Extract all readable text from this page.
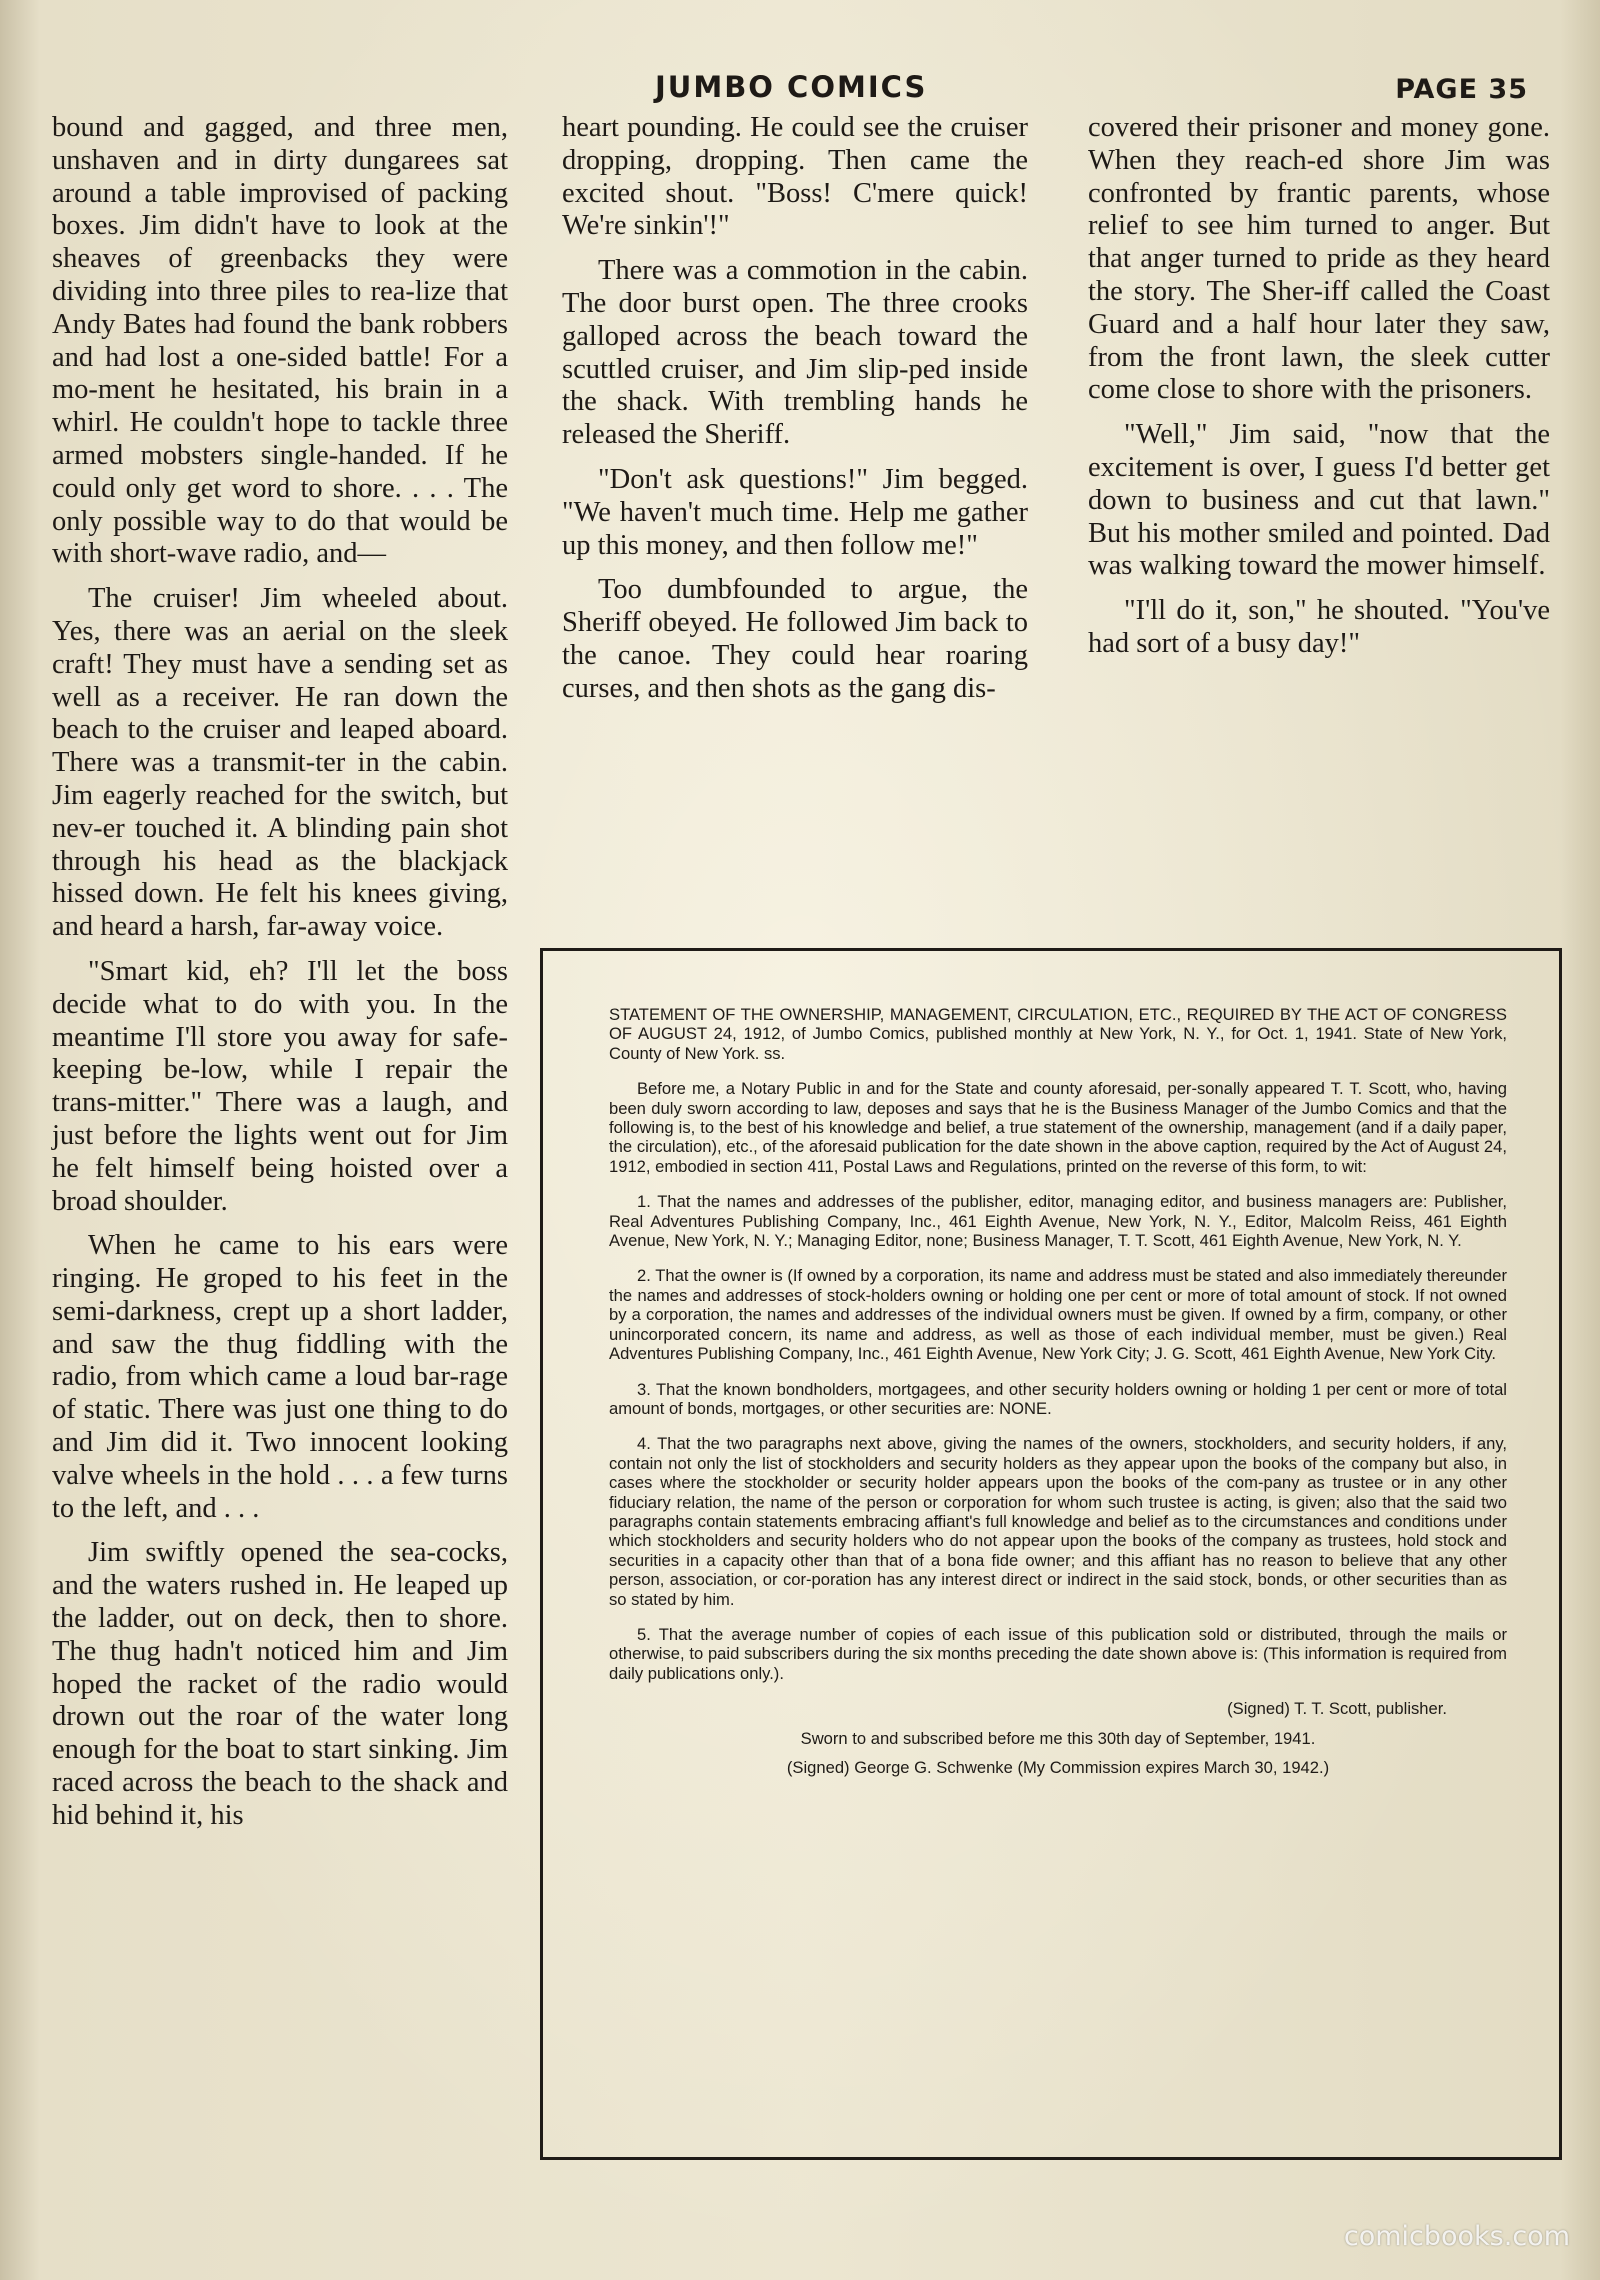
JUMBO COMICS	PAGE 35

bound and gagged, and three men, unshaven and in dirty dungarees sat around a table improvised of packing boxes. Jim didn't have to look at the sheaves of greenbacks they were dividing into three piles to rea-lize that Andy Bates had found the bank robbers and had lost a one-sided battle! For a mo-ment he hesitated, his brain in a whirl. He couldn't hope to tackle three armed mobsters single-handed. If he could only get word to shore. . . . The only possible way to do that would be with short-wave radio, and—

The cruiser! Jim wheeled about. Yes, there was an aerial on the sleek craft! They must have a sending set as well as a receiver. He ran down the beach to the cruiser and leaped aboard. There was a transmit-ter in the cabin. Jim eagerly reached for the switch, but nev-er touched it. A blinding pain shot through his head as the blackjack hissed down. He felt his knees giving, and heard a harsh, far-away voice.

"Smart kid, eh? I'll let the boss decide what to do with you. In the meantime I'll store you away for safe-keeping be-low, while I repair the trans-mitter." There was a laugh, and just before the lights went out for Jim he felt himself being hoisted over a broad shoulder.

When he came to his ears were ringing. He groped to his feet in the semi-darkness, crept up a short ladder, and saw the thug fiddling with the radio, from which came a loud bar-rage of static. There was just one thing to do and Jim did it. Two innocent looking valve wheels in the hold . . . a few turns to the left, and . . .

Jim swiftly opened the sea-cocks, and the waters rushed in. He leaped up the ladder, out on deck, then to shore. The thug hadn't noticed him and Jim hoped the racket of the radio would drown out the roar of the water long enough for the boat to start sinking. Jim raced across the beach to the shack and hid behind it, his

heart pounding. He could see the cruiser dropping, dropping. Then came the excited shout. "Boss! C'mere quick! We're sinkin'!"

There was a commotion in the cabin. The door burst open. The three crooks galloped across the beach toward the scuttled cruiser, and Jim slip-ped inside the shack. With trembling hands he released the Sheriff.

"Don't ask questions!" Jim begged. "We haven't much time. Help me gather up this money, and then follow me!"

Too dumbfounded to argue, the Sheriff obeyed. He followed Jim back to the canoe. They could hear roaring curses, and then shots as the gang dis-

covered their prisoner and money gone. When they reach-ed shore Jim was confronted by frantic parents, whose relief to see him turned to anger. But that anger turned to pride as they heard the story. The Sher-iff called the Coast Guard and a half hour later they saw, from the front lawn, the sleek cutter come close to shore with the prisoners.

"Well," Jim said, "now that the excitement is over, I guess I'd better get down to business and cut that lawn." But his mother smiled and pointed. Dad was walking toward the mower himself.

"I'll do it, son," he shouted. "You've had sort of a busy day!"

STATEMENT OF THE OWNERSHIP, MANAGEMENT, CIRCULATION, ETC., REQUIRED BY THE ACT OF CONGRESS OF AUGUST 24, 1912, of Jumbo Comics, published monthly at New York, N. Y., for Oct. 1, 1941. State of New York, County of New York. ss.

Before me, a Notary Public in and for the State and county aforesaid, per-sonally appeared T. T. Scott, who, having been duly sworn according to law, deposes and says that he is the Business Manager of the Jumbo Comics and that the following is, to the best of his knowledge and belief, a true statement of the ownership, management (and if a daily paper, the circulation), etc., of the aforesaid publication for the date shown in the above caption, required by the Act of August 24, 1912, embodied in section 411, Postal Laws and Regulations, printed on the reverse of this form, to wit:

1. That the names and addresses of the publisher, editor, managing editor, and business managers are: Publisher, Real Adventures Publishing Company, Inc., 461 Eighth Avenue, New York, N. Y., Editor, Malcolm Reiss, 461 Eighth Avenue, New York, N. Y.; Managing Editor, none; Business Manager, T. T. Scott, 461 Eighth Avenue, New York, N. Y.

2. That the owner is (If owned by a corporation, its name and address must be stated and also immediately thereunder the names and addresses of stock-holders owning or holding one per cent or more of total amount of stock. If not owned by a corporation, the names and addresses of the individual owners must be given. If owned by a firm, company, or other unincorporated concern, its name and address, as well as those of each individual member, must be given.) Real Adventures Publishing Company, Inc., 461 Eighth Avenue, New York City; J. G. Scott, 461 Eighth Avenue, New York City.

3. That the known bondholders, mortgagees, and other security holders owning or holding 1 per cent or more of total amount of bonds, mortgages, or other securities are: NONE.

4. That the two paragraphs next above, giving the names of the owners, stockholders, and security holders, if any, contain not only the list of stockholders and security holders as they appear upon the books of the company but also, in cases where the stockholder or security holder appears upon the books of the com-pany as trustee or in any other fiduciary relation, the name of the person or corporation for whom such trustee is acting, is given; also that the said two paragraphs contain statements embracing affiant's full knowledge and belief as to the circumstances and conditions under which stockholders and security holders who do not appear upon the books of the company as trustees, hold stock and securities in a capacity other than that of a bona fide owner; and this affiant has no reason to believe that any other person, association, or cor-poration has any interest direct or indirect in the said stock, bonds, or other securities than as so stated by him.

5. That the average number of copies of each issue of this publication sold or distributed, through the mails or otherwise, to paid subscribers during the six months preceding the date shown above is: (This information is required from daily publications only.).

(Signed) T. T. Scott, publisher.

Sworn to and subscribed before me this 30th day of September, 1941.

(Signed) George G. Schwenke (My Commission expires March 30, 1942.)

comicbooks.com
